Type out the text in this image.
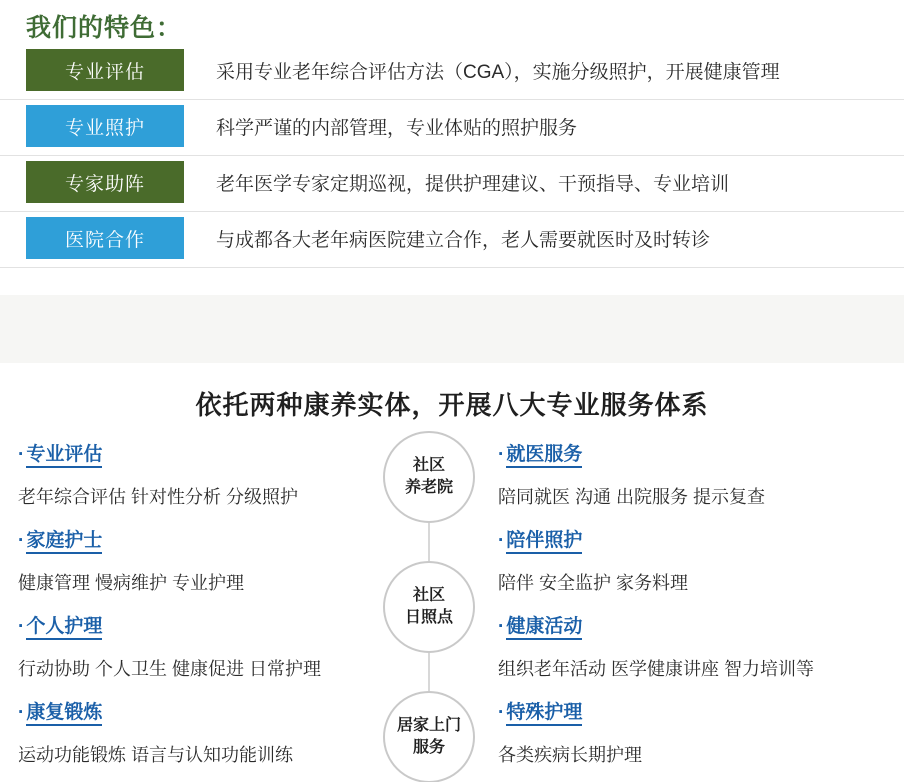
我们的特色：
专业评估	采用专业老年综合评估方法（CGA），实施分级照护，开展健康管理
专业照护	科学严谨的内部管理，专业体贴的照护服务
专家助阵	老年医学专家定期巡视，提供护理建议、干预指导、专业培训
医院合作	与成都各大老年病医院建立合作，老人需要就医时及时转诊
依托两种康养实体，开展八大专业服务体系
· 专业评估
老年综合评估 针对性分析 分级照护
· 家庭护士
健康管理 慢病维护 专业护理
· 个人护理
行动协助 个人卫生 健康促进 日常护理
· 康复锻炼
运动功能锻炼 语言与认知功能训练
社区
养老院
社区
日照点
居家上门
服务
· 就医服务
陪同就医 沟通 出院服务 提示复查
· 陪伴照护
陪伴 安全监护 家务料理
· 健康活动
组织老年活动 医学健康讲座 智力培训等
· 特殊护理
各类疾病长期护理
